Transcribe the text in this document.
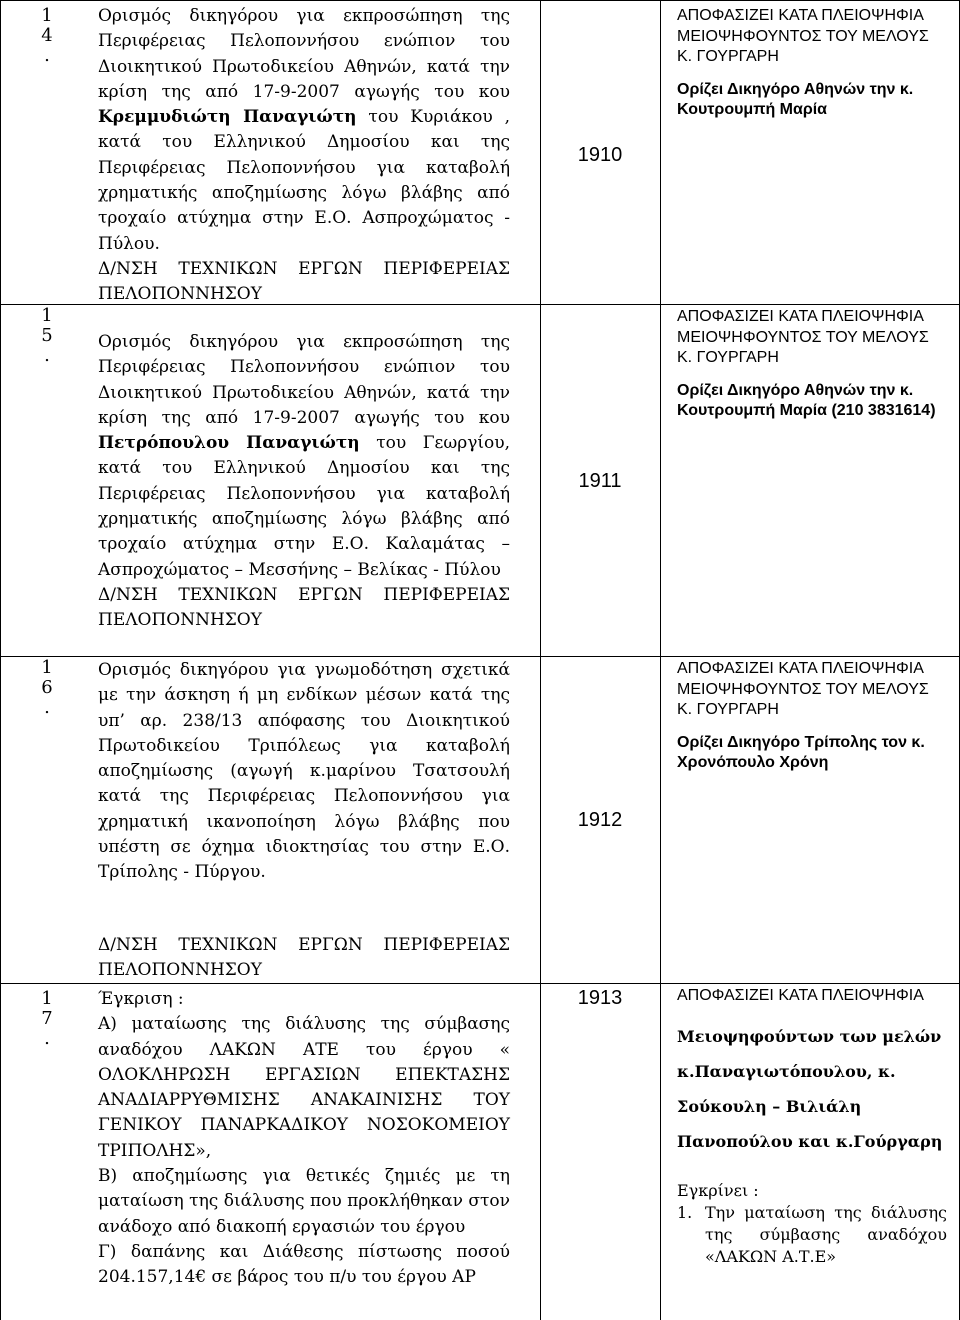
1
4
.

Ορισμός δικηγόρου για εκπροσώπηση της Περιφέρειας Πελοποννήσου ενώπιον του Διοικητικού Πρωτοδικείου Αθηνών, κατά την κρίση της από 17-9-2007 αγωγής του κου Κρεμμυδιώτη Παναγιώτη του Κυριάκου , κατά του Ελληνικού Δημοσίου και της Περιφέρειας Πελοποννήσου για καταβολή χρηματικής αποζημίωσης λόγω βλάβης από τροχαίο ατύχημα στην Ε.Ο. Ασπροχώματος - Πύλου.

Δ/ΝΣΗ ΤΕΧΝΙΚΩΝ ΕΡΓΩΝ ΠΕΡΙΦΕΡΕΙΑΣ ΠΕΛΟΠΟΝΝΗΣΟΥ

1910

ΑΠΟΦΑΣΙΖΕΙ ΚΑΤΑ ΠΛΕΙΟΨΗΦΙΑ ΜΕΙΟΨΗΦΟΥΝΤΟΣ ΤΟΥ ΜΕΛΟΥΣ Κ. ΓΟΥΡΓΑΡΗ

Ορίζει Δικηγόρο Αθηνών την κ. Κουτρουμπή Μαρία

1
5
.

Ορισμός δικηγόρου για εκπροσώπηση της Περιφέρειας Πελοποννήσου ενώπιον του Διοικητικού Πρωτοδικείου Αθηνών, κατά την κρίση της από 17-9-2007 αγωγής του κου Πετρόπουλου Παναγιώτη του Γεωργίου, κατά του Ελληνικού Δημοσίου και της Περιφέρειας Πελοποννήσου για καταβολή χρηματικής αποζημίωσης λόγω βλάβης από τροχαίο ατύχημα στην Ε.Ο. Καλαμάτας – Ασπροχώματος – Μεσσήνης – Βελίκας - Πύλου

Δ/ΝΣΗ ΤΕΧΝΙΚΩΝ ΕΡΓΩΝ ΠΕΡΙΦΕΡΕΙΑΣ ΠΕΛΟΠΟΝΝΗΣΟΥ

1911

ΑΠΟΦΑΣΙΖΕΙ ΚΑΤΑ ΠΛΕΙΟΨΗΦΙΑ ΜΕΙΟΨΗΦΟΥΝΤΟΣ ΤΟΥ ΜΕΛΟΥΣ Κ. ΓΟΥΡΓΑΡΗ

Ορίζει Δικηγόρο Αθηνών την κ. Κουτρουμπή Μαρία (210 3831614)

1
6
.

Ορισμός δικηγόρου για γνωμοδότηση σχετικά με την άσκηση ή μη ενδίκων μέσων κατά της υπ’ αρ. 238/13 απόφασης του Διοικητικού Πρωτοδικείου Τριπόλεως για καταβολή αποζημίωσης (αγωγή κ.μαρίνου Τσατσουλή κατά της Περιφέρειας Πελοποννήσου για χρηματική ικανοποίηση λόγω βλάβης που υπέστη σε όχημα ιδιοκτησίας του στην Ε.Ο. Τρίπολης - Πύργου.

1912

ΑΠΟΦΑΣΙΖΕΙ ΚΑΤΑ ΠΛΕΙΟΨΗΦΙΑ ΜΕΙΟΨΗΦΟΥΝΤΟΣ ΤΟΥ ΜΕΛΟΥΣ Κ. ΓΟΥΡΓΑΡΗ

Ορίζει Δικηγόρο Τρίπολης τον κ. Χρονόπουλο Χρόνη

Δ/ΝΣΗ ΤΕΧΝΙΚΩΝ ΕΡΓΩΝ ΠΕΡΙΦΕΡΕΙΑΣ ΠΕΛΟΠΟΝΝΗΣΟΥ

1
7
.

Έγκριση :

Α) ματαίωσης της διάλυσης της σύμβασης αναδόχου ΛΑΚΩΝ ΑΤΕ του έργου « ΟΛΟΚΛΗΡΩΣΗ ΕΡΓΑΣΙΩΝ ΕΠΕΚΤΑΣΗΣ ΑΝΑΔΙΑΡΡΥΘΜΙΣΗΣ ΑΝΑΚΑΙΝΙΣΗΣ ΤΟΥ ΓΕΝΙΚΟΥ ΠΑΝΑΡΚΑΔΙΚΟΥ ΝΟΣΟΚΟΜΕΙΟΥ ΤΡΙΠΟΛΗΣ»,

Β) αποζημίωσης για θετικές ζημιές με τη ματαίωση της διάλυσης που προκλήθηκαν στον ανάδοχο από διακοπή εργασιών του έργου

Γ) δαπάνης και Διάθεσης πίστωσης ποσού 204.157,14€ σε βάρος του π/υ του έργου ΑΡ

1913	ΑΠΟΦΑΣΙΖΕΙ ΚΑΤΑ ΠΛΕΙΟΨΗΦΙΑ

Μειοψηφούντων των μελών

κ.Παναγιωτόπουλου, κ.

Σούκουλη – Βιλιάλη

Πανοπούλου και κ.Γούργαρη

Εγκρίνει :

1. Την ματαίωση της διάλυσης της σύμβασης αναδόχου «ΛΑΚΩΝ Α.Τ.Ε»
